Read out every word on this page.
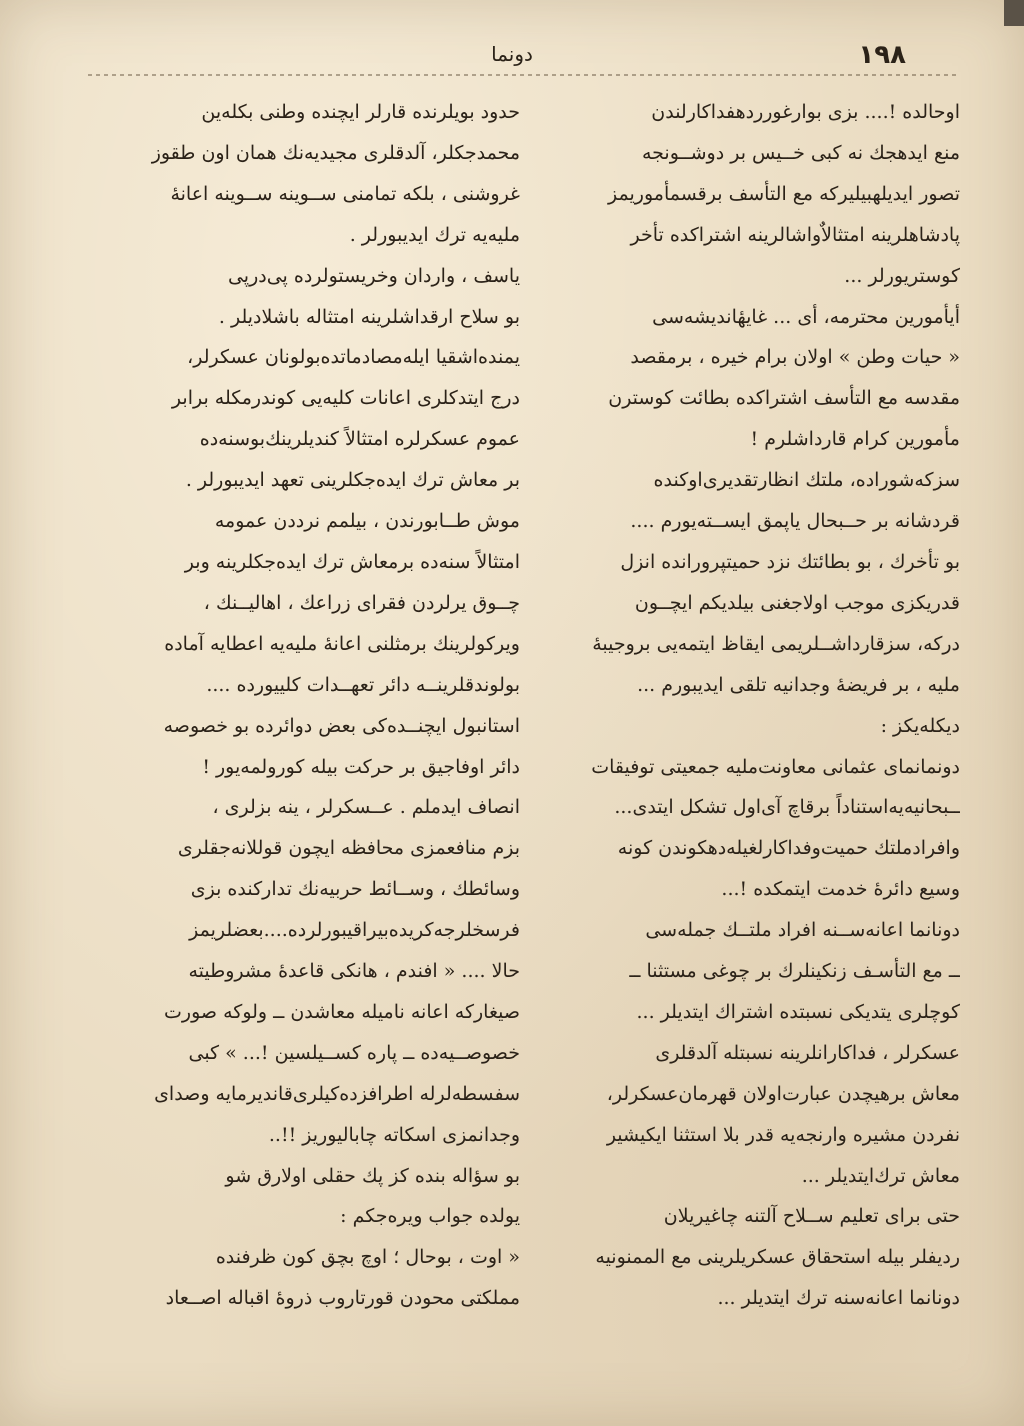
۱۹۸
دونما
اوحالده !.... بزی بوارغورردهفداکارلندن
منع ایدهجك نه کبی خــیس بر دوشــونجه
تصور ایدیلهبیلیرکه مع التأسف برقسمأموریمز
پادشاهلرینه امتثالاٌواشالرینه اشتراکده تأخر
کوستریورلر ...
أیأمورین محترمه، أی ... غایهٔاندیشه‌سی
« حیات وطن » اولان برام خیره ، برمقصد
مقدسه مع التأسف اشتراکده بطائت کوسترن
مأمورین کرام قارداشلرم !
سزکه‌شوراده، ملتك انظارتقدیری‌اوکنده
قردشانه بر حــبحال یاپمق ایســته‌یورم ....
بو تأخرك ، بو بطائتك نزد حمیتپرورانده انزل
قدریکزی موجب اولاجغنی بیلدیکم ایچــون
درکه، سزقارداشــلریمی ایقاظ ایتمه‌یی بروجیبهٔ
ملیه ، بر فریضهٔ وجدانیه تلقی ایدیبورم ...
دیکله‌‌یکز :
دونمانمای عثمانی معاونت‌ملیه جمعیتی توفیقات
ــبحانیه‌یه‌استناداً برقاچ آی‌اول تشکل ایتدی...
وافرادملتك حمیت‌وفداکارلغیله‌دهکوندن کونه
وسیع دائرهٔ خدمت ایتمکده !...
دونانما اعانه‌ســنه افراد ملتــك جمله‌سی
ــ مع التأسـف زنکینلرك بر چوغی مستثنا ــ
کوچلری یتدیکی نسبتده اشتراك ایتدیلر ...
عسکرلر ، فداکارانلرینه نسبتله آلدقلری
معاش برهیچدن عبارت‌اولان قهرمان‌عسکرلر،
نفردن مشیره وارنجه‌یه قدر بلا استثنا ایکیشیر
معاش ترك‌ایتدیلر ...
حتی برای تعلیم ســلاح آلتنه چاغیریلان
ردیفلر بیله استحقاق عسکریلرینی مع الممنونیه
دونانما اعانه‌سنه ترك ایتدیلر ...
حدود بویلرنده قارلر ایچنده وطنی بکله‌ین
محمدجکلر، آلدقلری مجیدیه‌نك همان اون طقوز
غروشنی ، بلکه تمامنی ســوینه ســوینه اعانهٔ
ملیه‌یه ترك ایدیبورلر .
یاسف ، واردان وخریستولرده پی‌درپی
بو سلاح ارقداشلرینه امتثاله باشلادیلر .
یمنده‌اشقیا ایله‌مصادماتده‌بولونان عسکرلر،
درج ایتدکلری اعانات کلیه‌یی کوندرمکله برابر
عموم عسکرلره امتثالاً کندیلرینك‌بوسنه‌ده
بر معاش ترك ایده‌جکلرینی تعهد ایدیبورلر .
موش طــابورندن ، بیلمم نرددن عمومه
امتثالاً سنه‌ده برمعاش ترك ایده‌جکلرینه وبر
چــوق یرلردن فقرای زراعك ، اهالیــنك ،
ویرکولرینك برمثلنی اعانهٔ ملیه‌یه اعطایه آماده
بولوندقلرینــه دائر تعهــدات کلییورده ....
استانبول ایچنــده‌کی بعض دوائرده بو خصوصه
دائر اوفاجیق بر حرکت بیله کورولمه‌یور !
انصاف ایدملم . عــسکرلر ، ینه بزلری ،
بزم منافعمزی محافظه ایچون قوللانه‌جقلری
وسائطك ، وســائط حربیه‌نك تدارکنده بزی
فرسخلرجه‌کریده‌بیراقیبورلرده....بعضلریمز
حالا .... « افندم ، هانکی قاعدهٔ مشروطیته
صیغارکه اعانه نامیله معاشدن ــ ولوکه صورت
خصوصــیه‌ده ــ پاره کســیلسین !... » کبی
سفسطه‌لرله اطرافزده‌کیلری‌قاندیرمایه وصدای
وجدانمزی اسکاته چابالیوریز !!..
بو سؤاله بنده کز پك حقلی اولارق شو
یولده جواب ویره‌جکم :
« اوت ، بوحال ؛ اوچ بچق کون ظرفنده
مملکتی محودن قورتاروب ذروهٔ اقباله اصــعاد
